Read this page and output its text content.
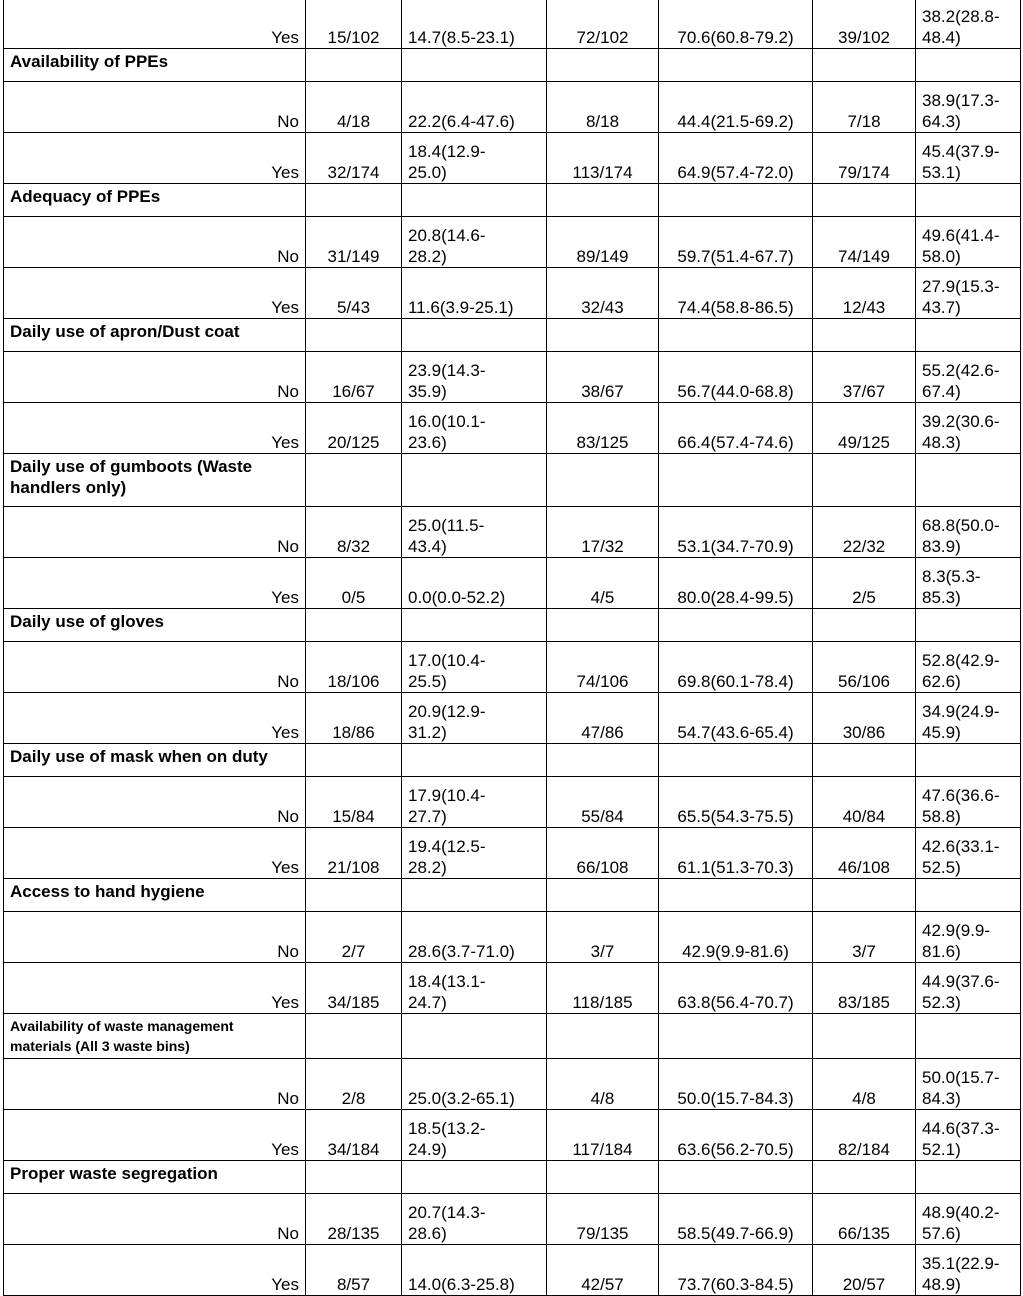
Yes	15/102	14.7(8.5-23.1)	72/102	70.6(60.8-79.2)	39/102	38.2(28.8-
48.4)
Availability of PPEs						
No	4/18	22.2(6.4-47.6)	8/18	44.4(21.5-69.2)	7/18	38.9(17.3-
64.3)
Yes	32/174	18.4(12.9-
25.0)	113/174	64.9(57.4-72.0)	79/174	45.4(37.9-
53.1)
Adequacy of PPEs						
No	31/149	20.8(14.6-
28.2)	89/149	59.7(51.4-67.7)	74/149	49.6(41.4-
58.0)
Yes	5/43	11.6(3.9-25.1)	32/43	74.4(58.8-86.5)	12/43	27.9(15.3-
43.7)
Daily use of apron/Dust coat						
No	16/67	23.9(14.3-
35.9)	38/67	56.7(44.0-68.8)	37/67	55.2(42.6-
67.4)
Yes	20/125	16.0(10.1-
23.6)	83/125	66.4(57.4-74.6)	49/125	39.2(30.6-
48.3)
Daily use of gumboots (Waste
handlers only)						
No	8/32	25.0(11.5-
43.4)	17/32	53.1(34.7-70.9)	22/32	68.8(50.0-
83.9)
Yes	0/5	0.0(0.0-52.2)	4/5	80.0(28.4-99.5)	2/5	8.3(5.3-
85.3)
Daily use of gloves						
No	18/106	17.0(10.4-
25.5)	74/106	69.8(60.1-78.4)	56/106	52.8(42.9-
62.6)
Yes	18/86	20.9(12.9-
31.2)	47/86	54.7(43.6-65.4)	30/86	34.9(24.9-
45.9)
Daily use of mask when on duty						
No	15/84	17.9(10.4-
27.7)	55/84	65.5(54.3-75.5)	40/84	47.6(36.6-
58.8)
Yes	21/108	19.4(12.5-
28.2)	66/108	61.1(51.3-70.3)	46/108	42.6(33.1-
52.5)
Access to hand hygiene						
No	2/7	28.6(3.7-71.0)	3/7	42.9(9.9-81.6)	3/7	42.9(9.9-
81.6)
Yes	34/185	18.4(13.1-
24.7)	118/185	63.8(56.4-70.7)	83/185	44.9(37.6-
52.3)
Availability of waste management
materials (All 3 waste bins)						
No	2/8	25.0(3.2-65.1)	4/8	50.0(15.7-84.3)	4/8	50.0(15.7-
84.3)
Yes	34/184	18.5(13.2-
24.9)	117/184	63.6(56.2-70.5)	82/184	44.6(37.3-
52.1)
Proper waste segregation						
No	28/135	20.7(14.3-
28.6)	79/135	58.5(49.7-66.9)	66/135	48.9(40.2-
57.6)
Yes	8/57	14.0(6.3-25.8)	42/57	73.7(60.3-84.5)	20/57	35.1(22.9-
48.9)
